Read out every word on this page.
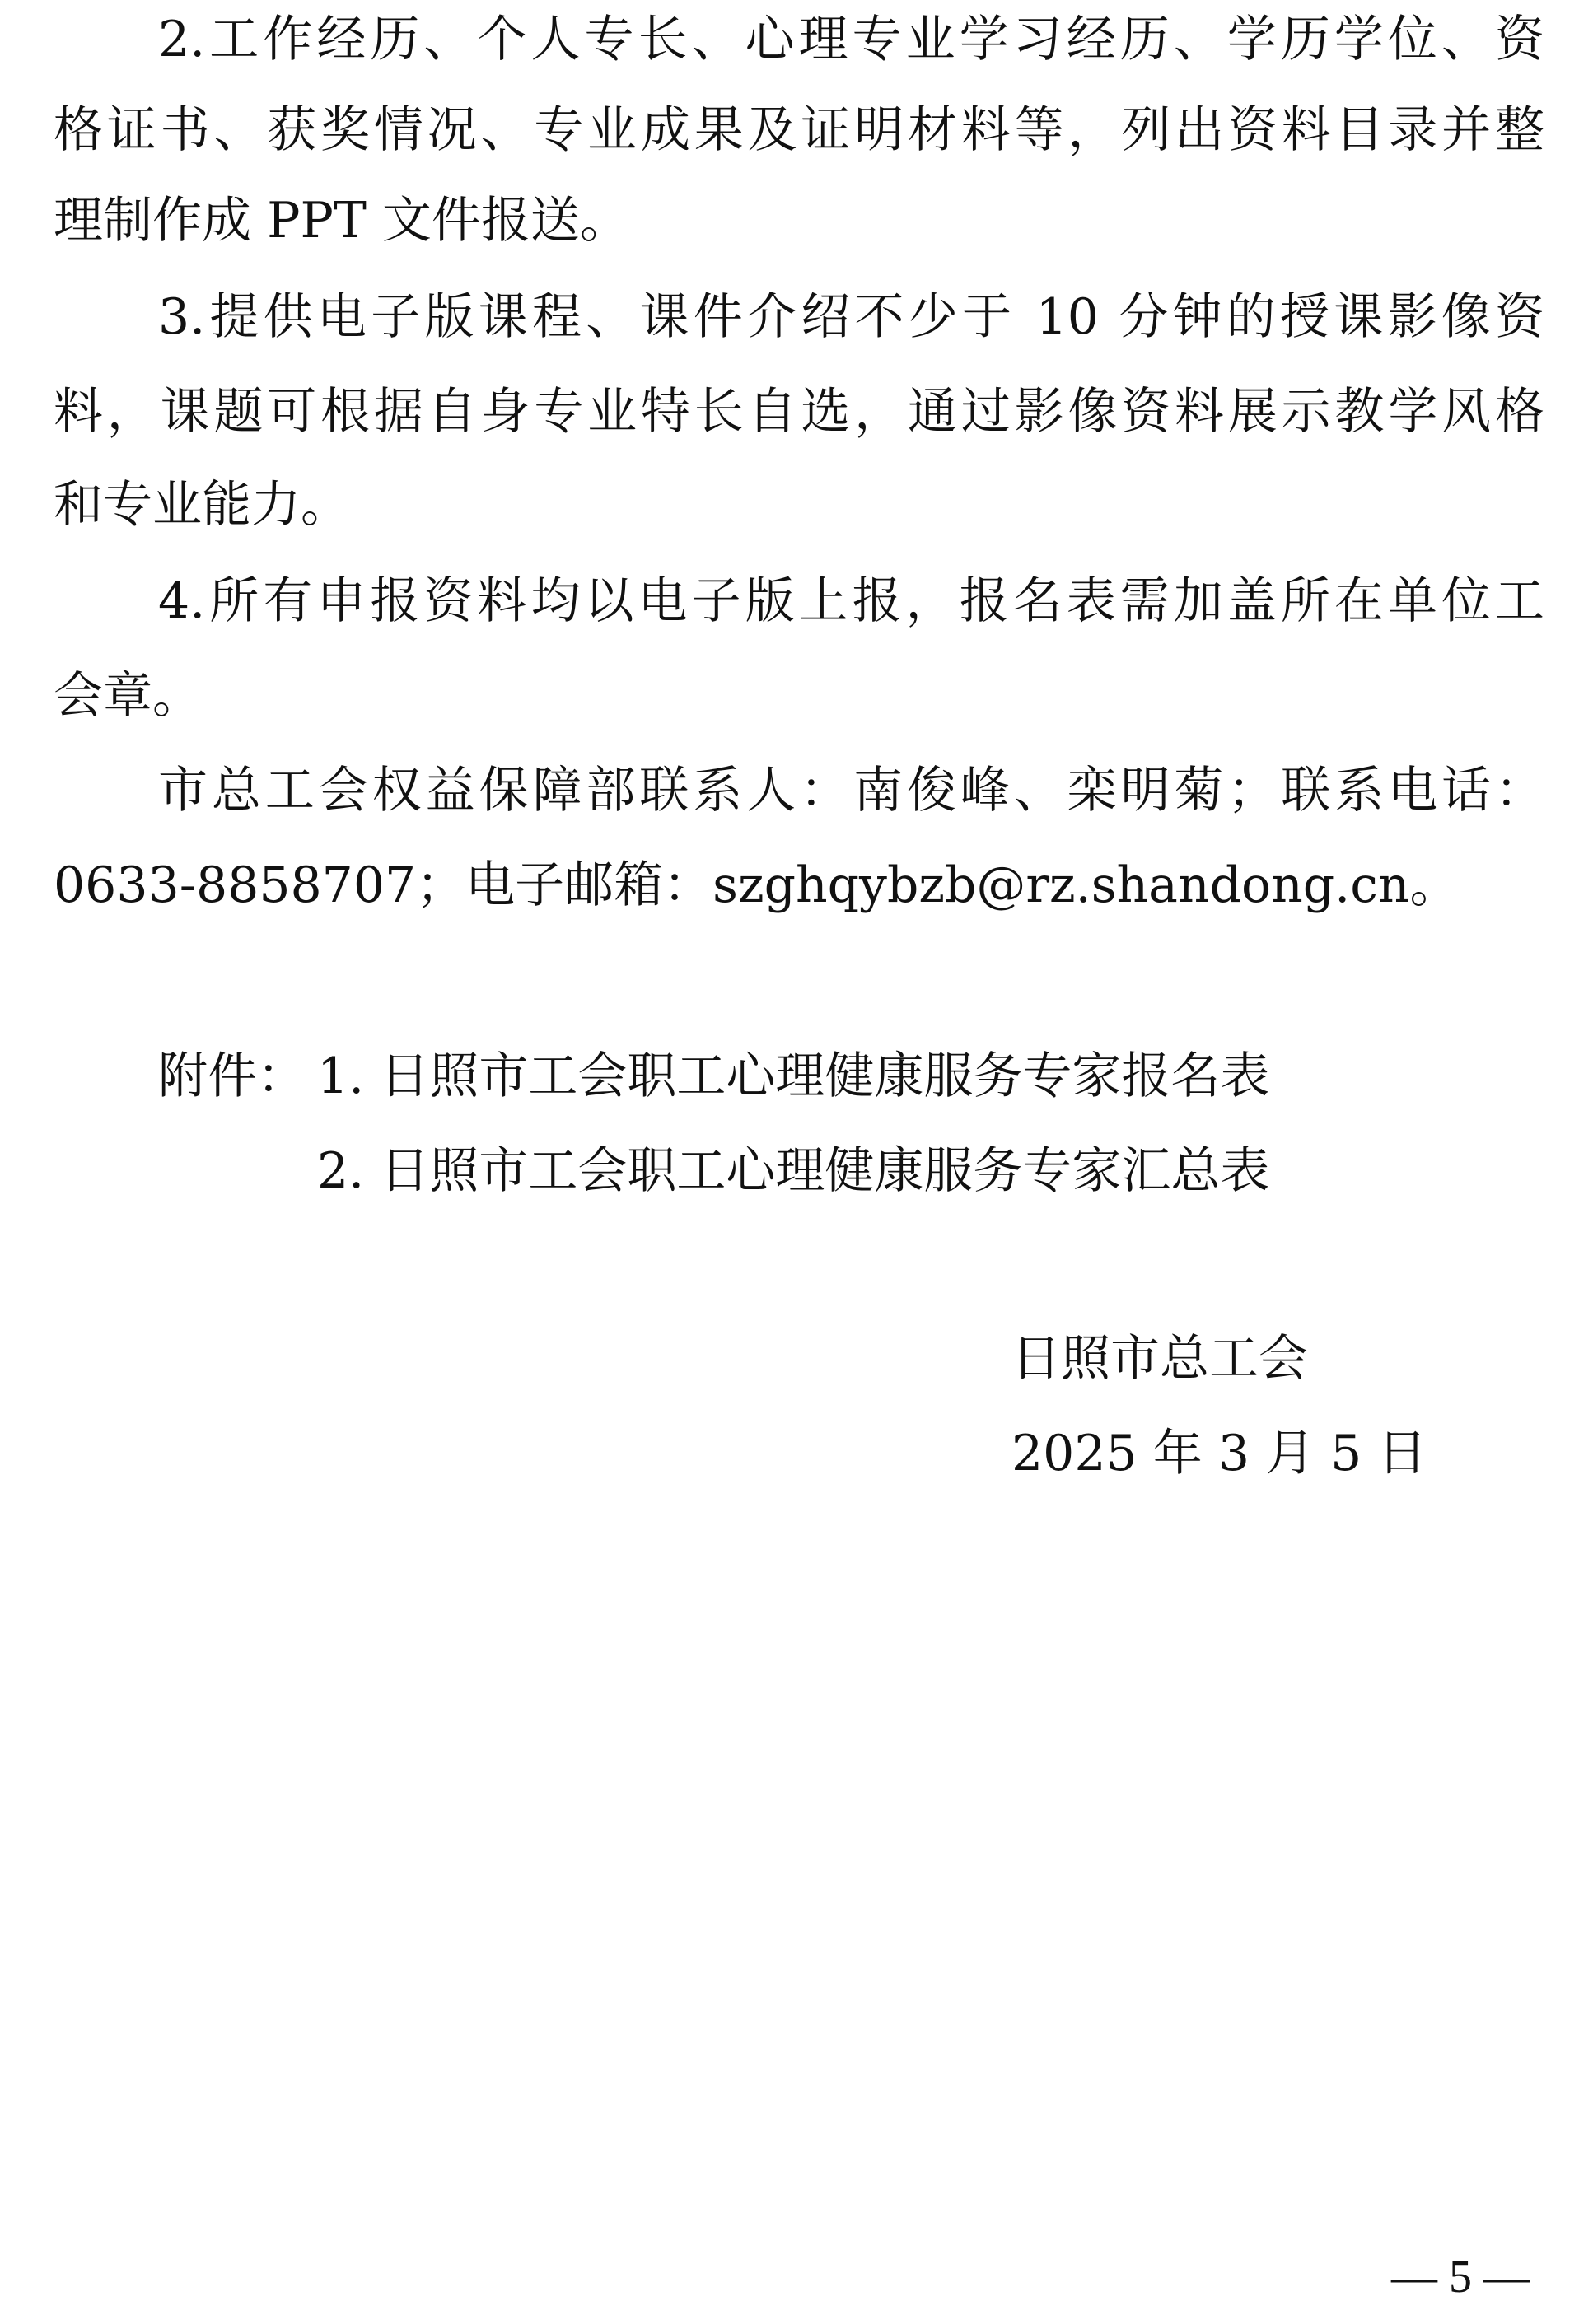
2.工作经历、个人专长、心理专业学习经历、学历学位、资
格证书、获奖情况、专业成果及证明材料等，列出资料目录并整
理制作成 PPT 文件报送。
3.提供电子版课程、课件介绍不少于 10 分钟的授课影像资
料，课题可根据自身专业特长自选，通过影像资料展示教学风格
和专业能力。
4.所有申报资料均以电子版上报，报名表需加盖所在单位工
会章。
市总工会权益保障部联系人：南俊峰、栾明菊；联系电话：
0633-8858707；电子邮箱：szghqybzb@rz.shandong.cn。
附件： 1. 日照市工会职工心理健康服务专家报名表
2. 日照市工会职工心理健康服务专家汇总表
日照市总工会
2025 年 3 月 5 日
— 5 —
